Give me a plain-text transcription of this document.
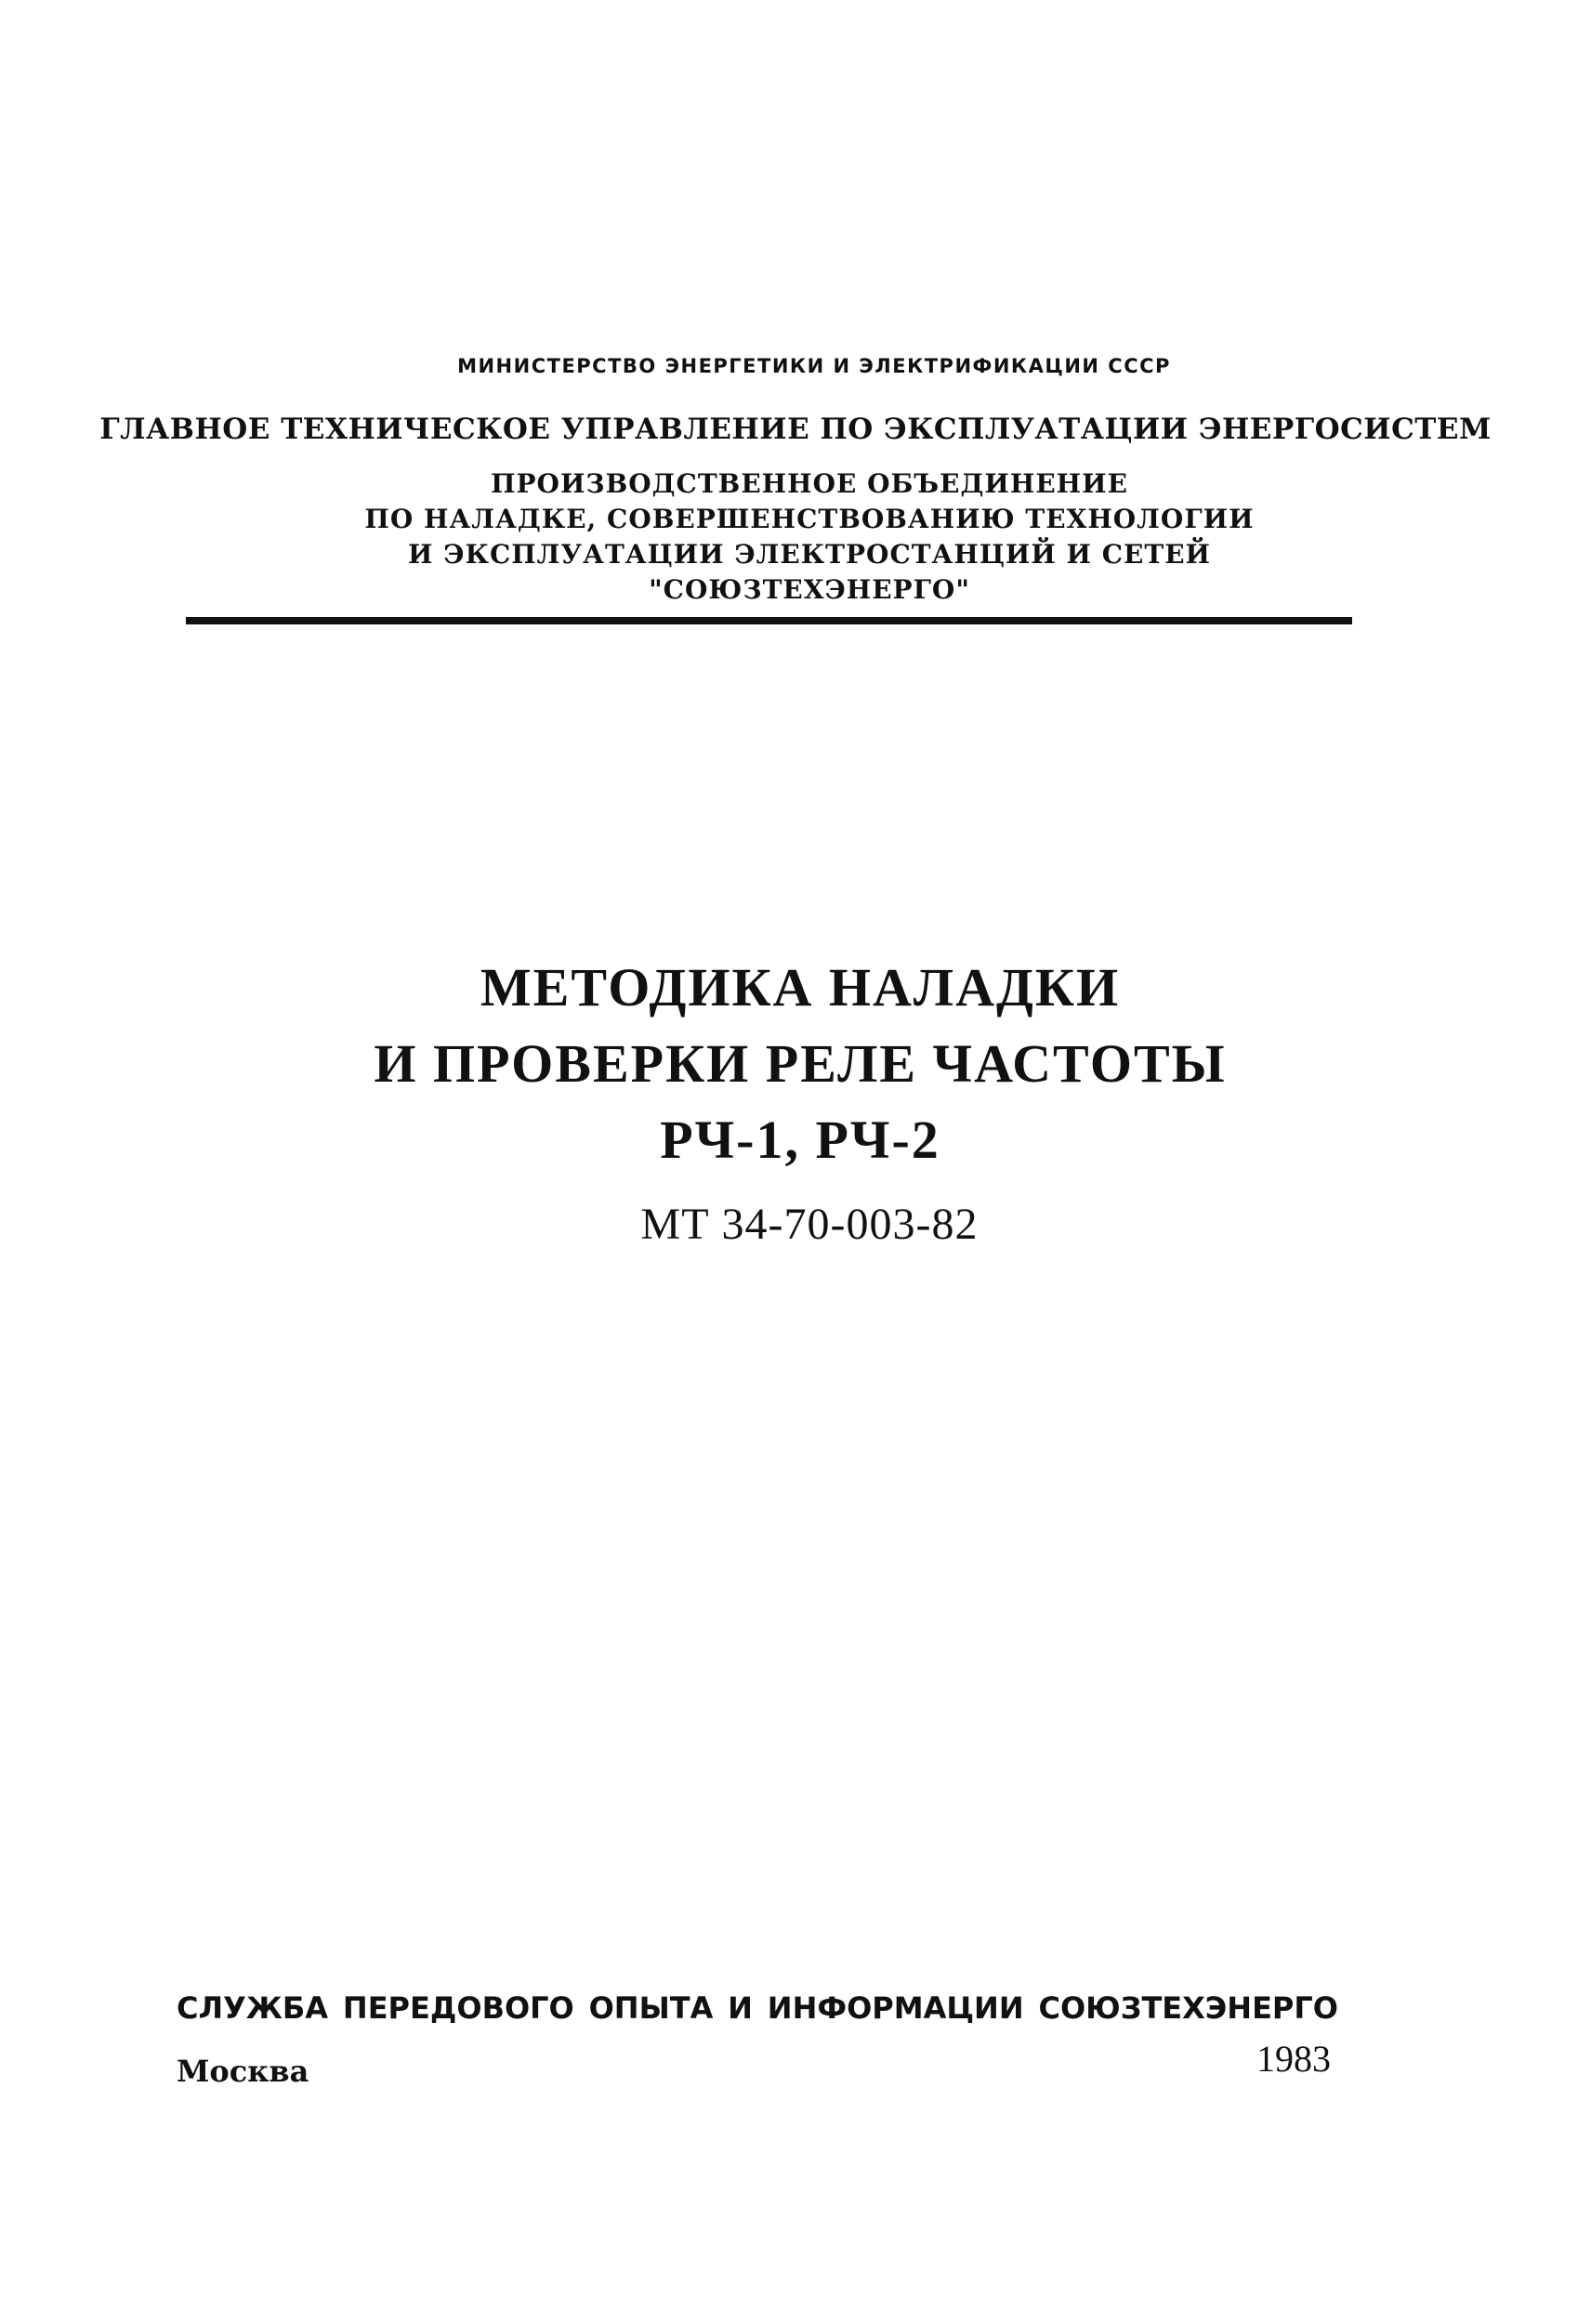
МИНИСТЕРСТВО ЭНЕРГЕТИКИ И ЭЛЕКТРИФИКАЦИИ СССР

ГЛАВНОЕ ТЕХНИЧЕСКОЕ УПРАВЛЕНИЕ ПО ЭКСПЛУАТАЦИИ ЭНЕРГОСИСТЕМ

ПРОИЗВОДСТВЕННОЕ ОБЪЕДИНЕНИЕ
ПО НАЛАДКЕ, СОВЕРШЕНСТВОВАНИЮ ТЕХНОЛОГИИ
И ЭКСПЛУАТАЦИИ ЭЛЕКТРОСТАНЦИЙ И СЕТЕЙ
"СОЮЗТЕХЭНЕРГО"

МЕТОДИКА НАЛАДКИ
И ПРОВЕРКИ РЕЛЕ ЧАСТОТЫ
РЧ-1, РЧ-2

МТ 34-70-003-82

СЛУЖБА ПЕРЕДОВОГО ОПЫТА И ИНФОРМАЦИИ СОЮЗТЕХЭНЕРГО
Москва	1983
